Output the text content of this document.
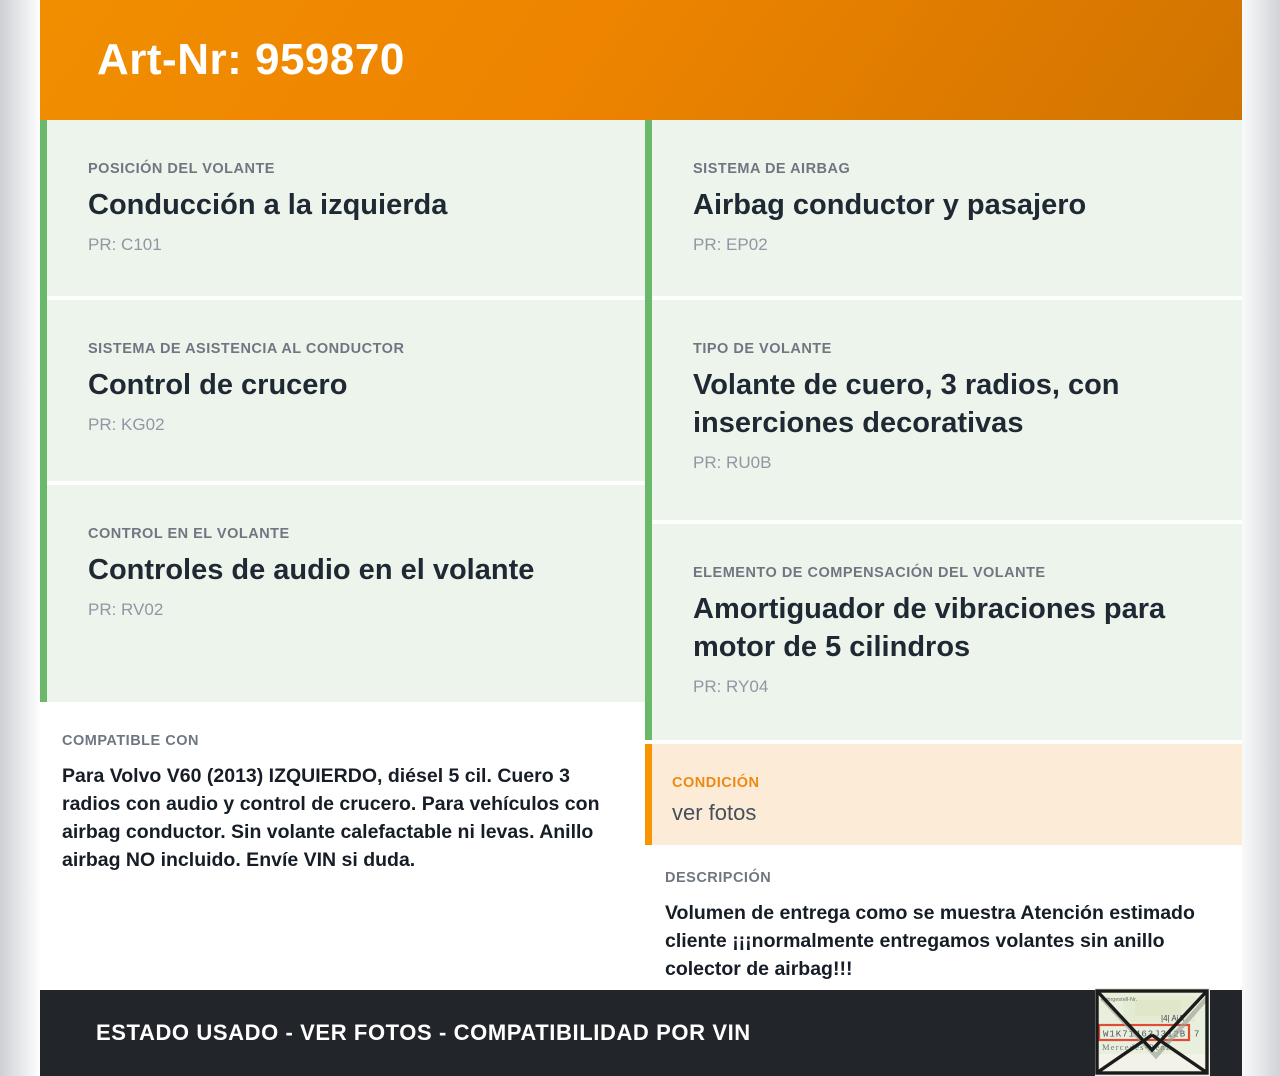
Art-Nr: 959870
POSICIÓN DEL VOLANTE
Conducción a la izquierda
PR: C101
SISTEMA DE ASISTENCIA AL CONDUCTOR
Control de crucero
PR: KG02
CONTROL EN EL VOLANTE
Controles de audio en el volante
PR: RV02
COMPATIBLE CON
Para Volvo V60 (2013) IZQUIERDO, diésel 5 cil. Cuero 3 radios con audio y control de crucero. Para vehículos con airbag conductor. Sin volante calefactable ni levas. Anillo airbag NO incluido. Envíe VIN si duda.
SISTEMA DE AIRBAG
Airbag conductor y pasajero
PR: EP02
TIPO DE VOLANTE
Volante de cuero, 3 radios, con inserciones decorativas
PR: RU0B
ELEMENTO DE COMPENSACIÓN DEL VOLANTE
Amortiguador de vibraciones para motor de 5 cilindros
PR: RY04
CONDICIÓN
ver fotos
DESCRIPCIÓN
Volumen de entrega como se muestra Atención estimado cliente ¡¡¡normalmente entregamos volantes sin anillo colector de airbag!!!
ESTADO USADO - VER FOTOS - COMPATIBILIDAD POR VIN
Fahrgestell-Nr.
|4| AiA
W1K71463J312B 7
Mercedes-Benz
